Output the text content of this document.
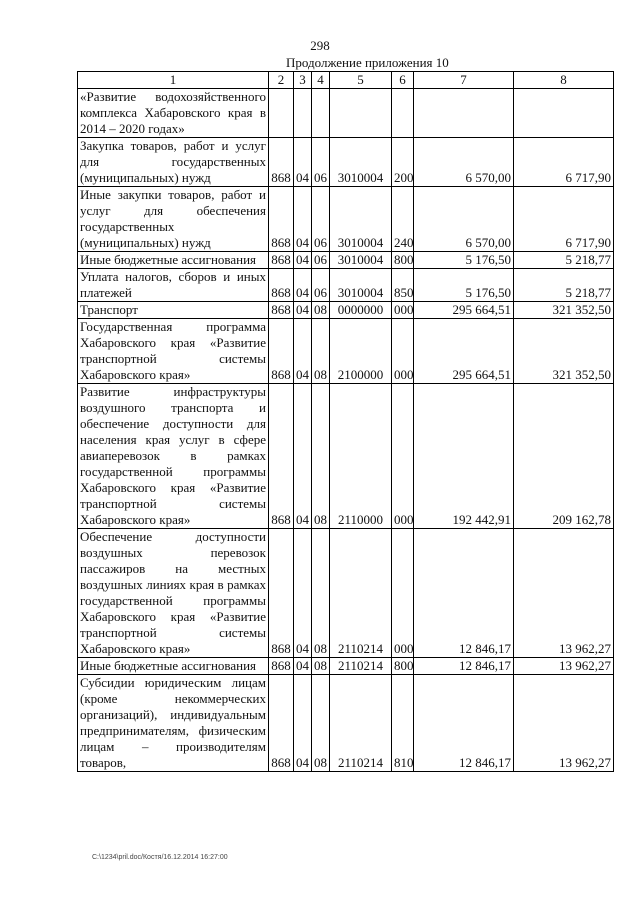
298
Продолжение приложения 10
1	2	3	4	5	6	7	8
«Развитие водохозяйственного комплекса Хабаровского края в 2014 – 2020 годах»							
Закупка товаров, работ и услуг для государственных (муниципальных) нужд	868	04	06	3010004	200	6 570,00	6 717,90
Иные закупки товаров, работ и услуг для обеспечения государственных (муниципальных) нужд	868	04	06	3010004	240	6 570,00	6 717,90
Иные бюджетные ассигнования	868	04	06	3010004	800	5 176,50	5 218,77
Уплата налогов, сборов и иных платежей	868	04	06	3010004	850	5 176,50	5 218,77
Транспорт	868	04	08	0000000	000	295 664,51	321 352,50
Государственная программа Хабаровского края «Развитие транспортной системы Хабаровского края»	868	04	08	2100000	000	295 664,51	321 352,50
Развитие инфраструктуры воздушного транспорта и обеспечение доступности для населения края услуг в сфере авиаперевозок в рамках государственной программы Хабаровского края «Развитие транспортной системы Хабаровского края»	868	04	08	2110000	000	192 442,91	209 162,78
Обеспечение доступности воздушных перевозок пассажиров на местных воздушных линиях края в рамках государственной программы Хабаровского края «Развитие транспортной системы Хабаровского края»	868	04	08	2110214	000	12 846,17	13 962,27
Иные бюджетные ассигнования	868	04	08	2110214	800	12 846,17	13 962,27
Субсидии юридическим лицам (кроме некоммерческих организаций), индивидуальным предпринимателям, физическим лицам – производителям товаров,	868	04	08	2110214	810	12 846,17	13 962,27
C:\1234\pril.doc/Костя/16.12.2014 16:27:00
